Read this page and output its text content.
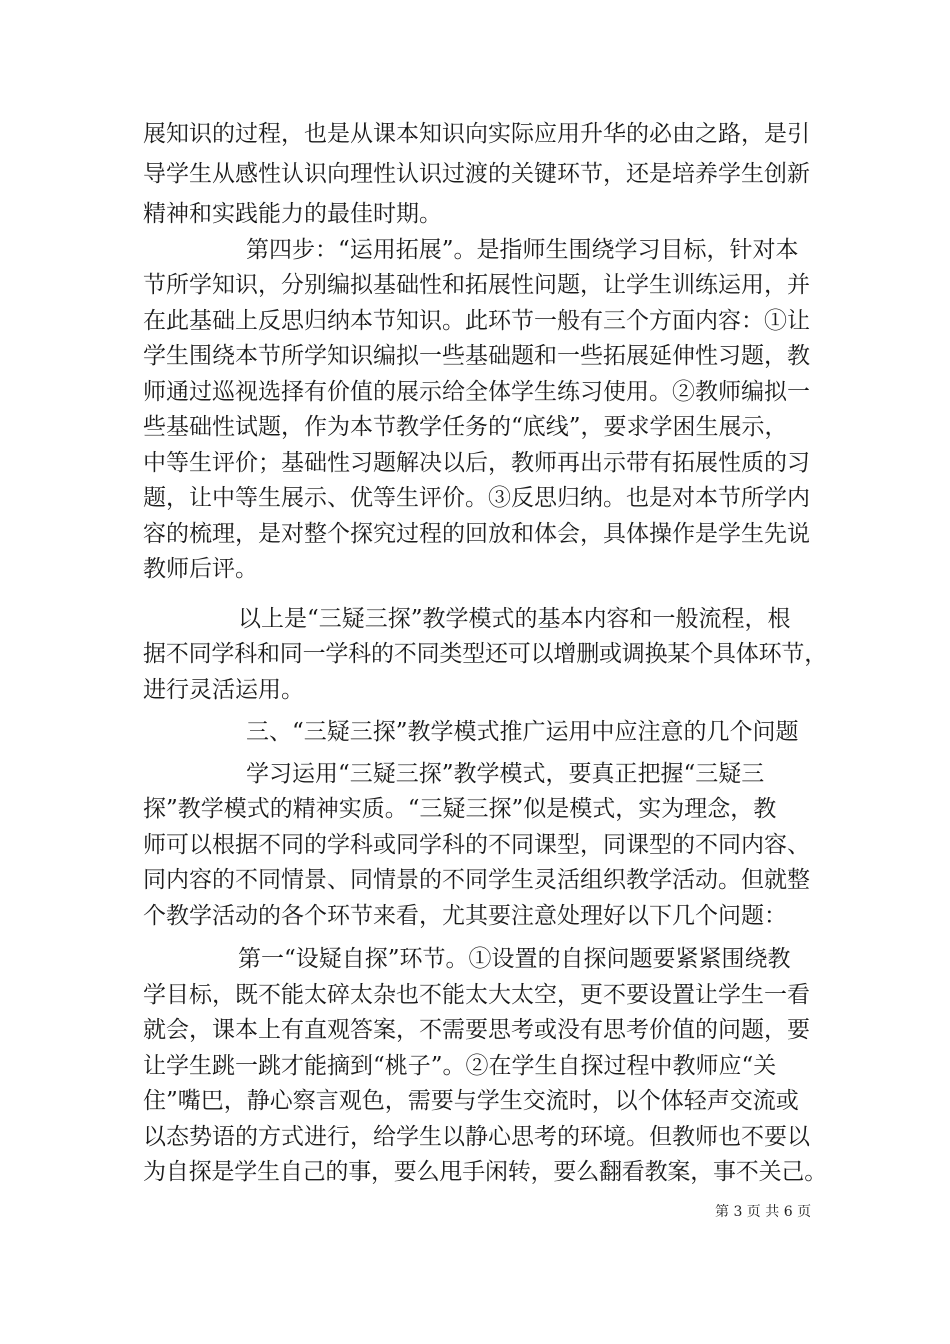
展知识的过程，也是从课本知识向实际应用升华的必由之路，是引
导学生从感性认识向理性认识过渡的关键环节，还是培养学生创新
精神和实践能力的最佳时期。
第四步：“运用拓展”。是指师生围绕学习目标，针对本
节所学知识，分别编拟基础性和拓展性问题，让学生训练运用，并
在此基础上反思归纳本节知识。此环节一般有三个方面内容：①让
学生围绕本节所学知识编拟一些基础题和一些拓展延伸性习题，教
师通过巡视选择有价值的展示给全体学生练习使用。②教师编拟一
些基础性试题，作为本节教学任务的“底线”，要求学困生展示，
中等生评价；基础性习题解决以后，教师再出示带有拓展性质的习
题，让中等生展示、优等生评价。③反思归纳。也是对本节所学内
容的梳理，是对整个探究过程的回放和体会，具体操作是学生先说
教师后评。
以上是“三疑三探”教学模式的基本内容和一般流程，根
据不同学科和同一学科的不同类型还可以增删或调换某个具体环节，
进行灵活运用。
三、“三疑三探”教学模式推广运用中应注意的几个问题
学习运用“三疑三探”教学模式，要真正把握“三疑三
探”教学模式的精神实质。“三疑三探”似是模式，实为理念，教
师可以根据不同的学科或同学科的不同课型，同课型的不同内容、
同内容的不同情景、同情景的不同学生灵活组织教学活动。但就整
个教学活动的各个环节来看，尤其要注意处理好以下几个问题：
第一“设疑自探”环节。①设置的自探问题要紧紧围绕教
学目标，既不能太碎太杂也不能太大太空，更不要设置让学生一看
就会，课本上有直观答案，不需要思考或没有思考价值的问题，要
让学生跳一跳才能摘到“桃子”。②在学生自探过程中教师应“关
住”嘴巴，静心察言观色，需要与学生交流时，以个体轻声交流或
以态势语的方式进行，给学生以静心思考的环境。但教师也不要以
为自探是学生自己的事，要么甩手闲转，要么翻看教案，事不关己。
第 3 页 共 6 页
